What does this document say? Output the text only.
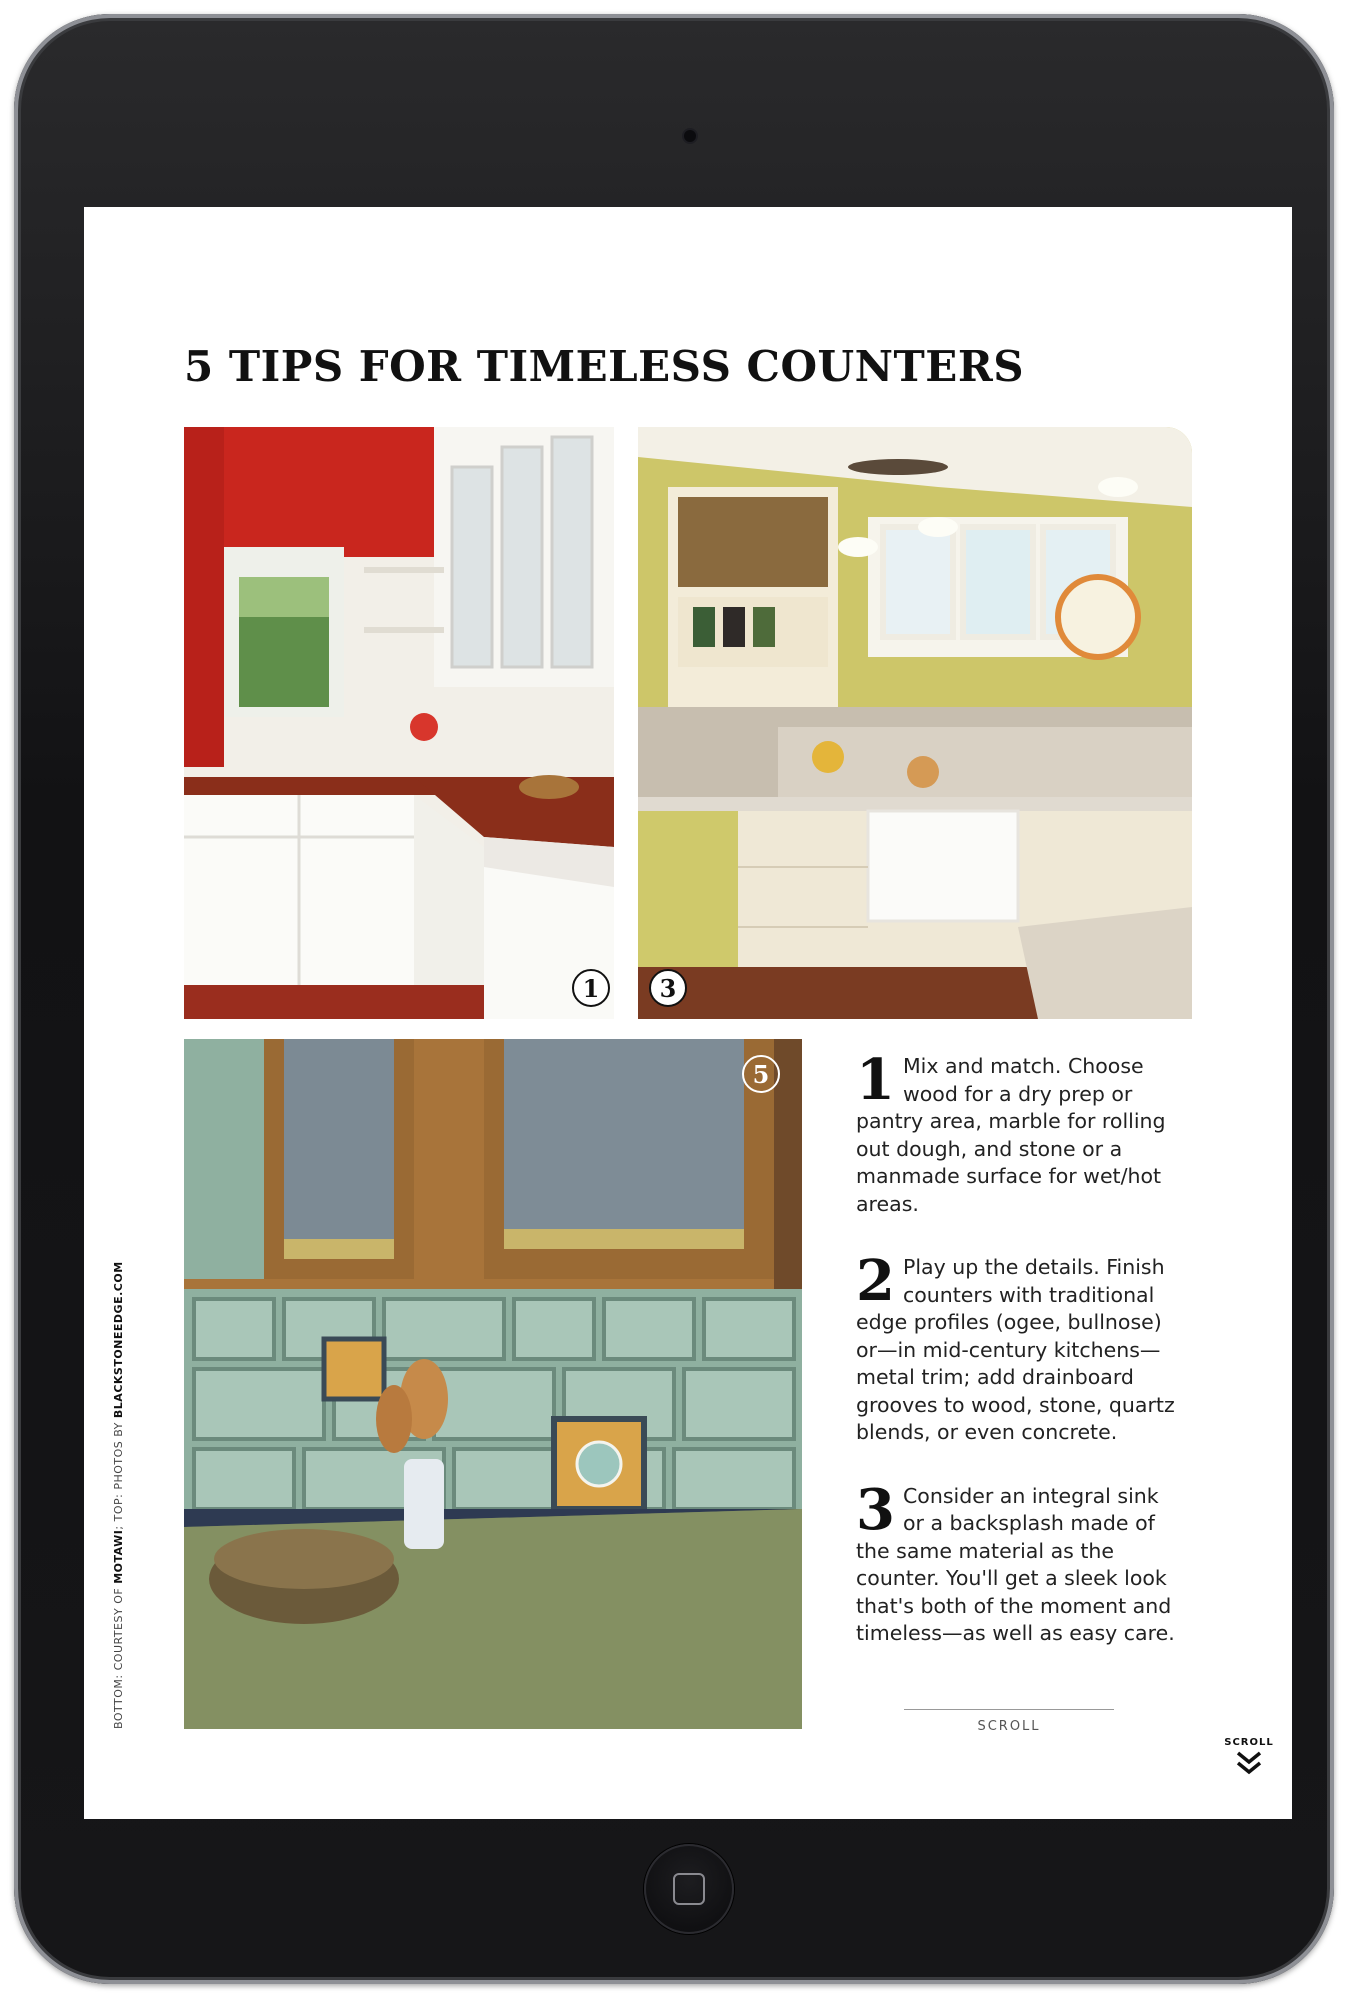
5 TIPS FOR TIMELESS COUNTERS
1	3
5 1 Mix and match. Choose wood for a dry prep or pantry area, marble for rolling out dough, and stone or a manmade surface for wet/hot areas.

2 Play up the details. Finish counters with traditional edge profiles (ogee, bullnose) or—in mid-century kitchens—metal trim; add drainboard grooves to wood, stone, quartz blends, or even concrete.

3 Consider an integral sink or a backsplash made of the same material as the counter. You'll get a sleek look that's both of the moment and timeless—as well as easy care.

SCROLL
SCROLL
BOTTOM: COURTESY OF MOTAWI; TOP: PHOTOS BY BLACKSTONEEDGE.COM
